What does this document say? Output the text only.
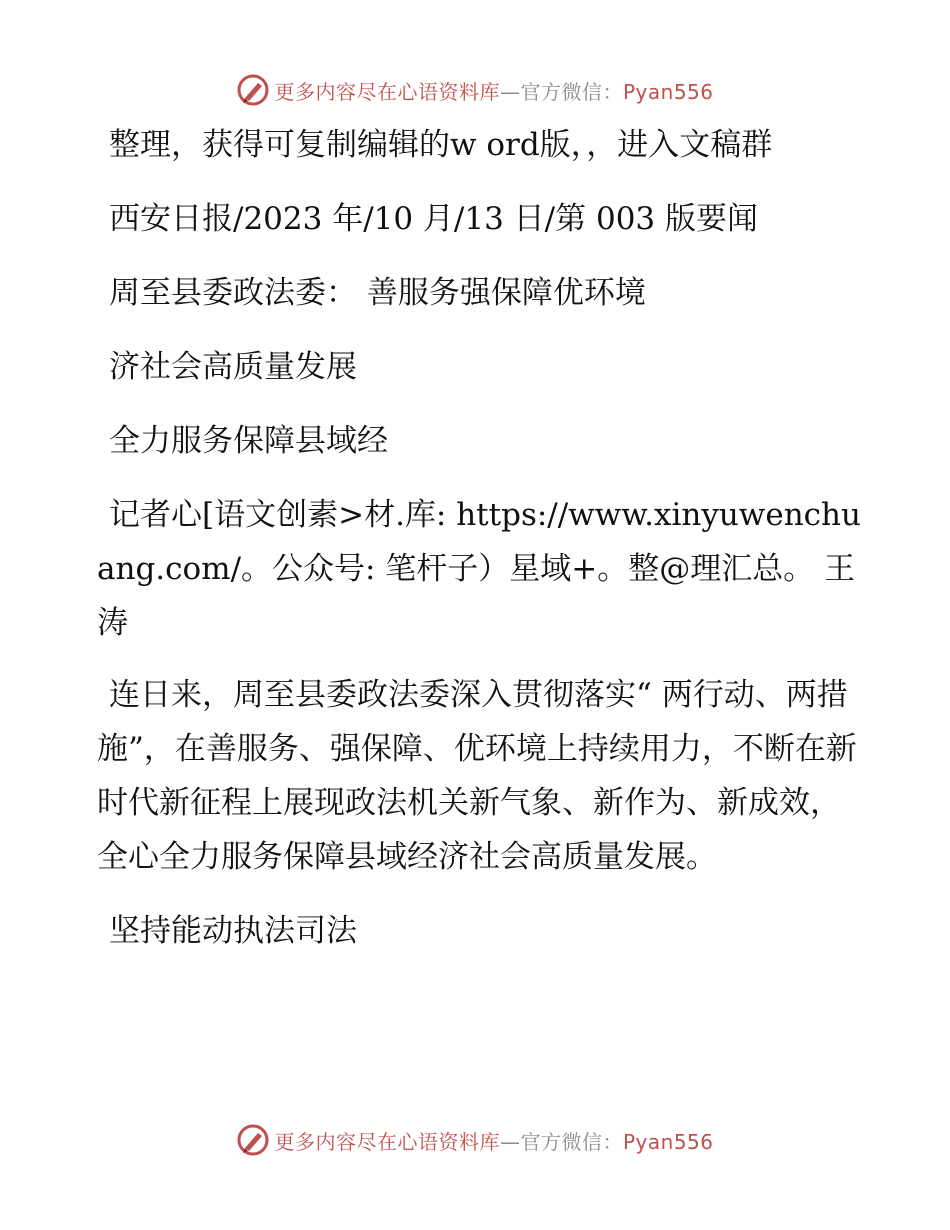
更多内容尽在心语资料库—官方微信：Pyan556

整理，获得可复制编辑的w ord版，，进入文稿群

西安日报/2023 年/10 月/13 日/第 003 版要闻

周至县委政法委： 善服务强保障优环境

济社会高质量发展

全力服务保障县域经

记者心[语文创素>材.库: https://www.xinyuwenchuang.com/。公众号: 笔杆子）星域+。整@理汇总。 王涛

连日来，周至县委政法委深入贯彻落实“ 两行动、两措施”，在善服务、强保障、优环境上持续用力，不断在新时代新征程上展现政法机关新气象、新作为、新成效，全心全力服务保障县域经济社会高质量发展。

坚持能动执法司法

更多内容尽在心语资料库—官方微信：Pyan556
